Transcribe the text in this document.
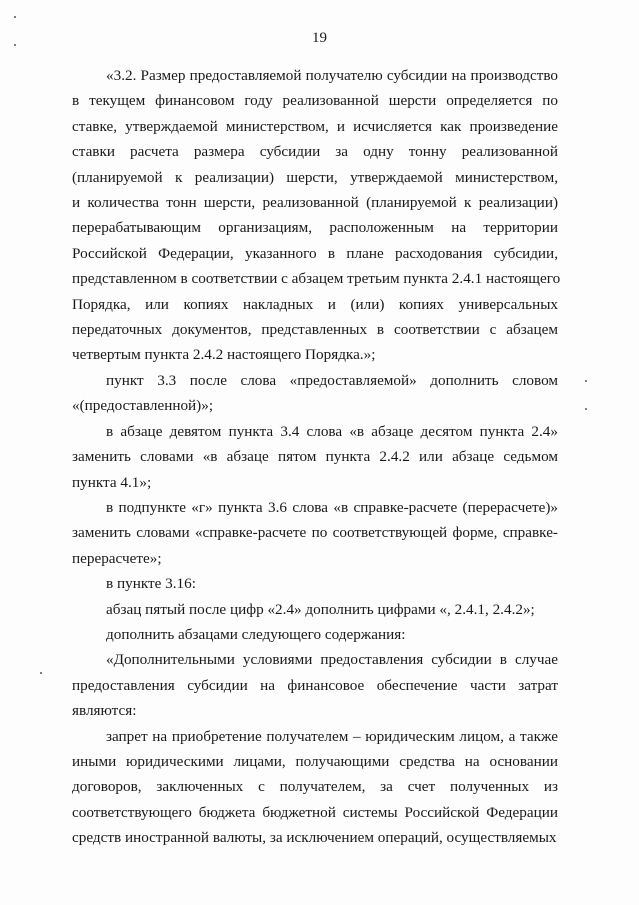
19
«3.2. Размер предоставляемой получателю субсидии на производство
в текущем финансовом году реализованной шерсти определяется по
ставке, утверждаемой министерством, и исчисляется как произведение
ставки расчета размера субсидии за одну тонну реализованной
(планируемой к реализации) шерсти, утверждаемой министерством,
и количества тонн шерсти, реализованной (планируемой к реализации)
перерабатывающим организациям, расположенным на территории
Российской Федерации, указанного в плане расходования субсидии,
представленном в соответствии с абзацем третьим пункта 2.4.1 настоящего
Порядка, или копиях накладных и (или) копиях универсальных
передаточных документов, представленных в соответствии с абзацем
четвертым пункта 2.4.2 настоящего Порядка.»;
пункт 3.3 после слова «предоставляемой» дополнить словом
«(предоставленной)»;
в абзаце девятом пункта 3.4 слова «в абзаце десятом пункта 2.4»
заменить словами «в абзаце пятом пункта 2.4.2 или абзаце седьмом
пункта 4.1»;
в подпункте «г» пункта 3.6 слова «в справке-расчете (перерасчете)»
заменить словами «справке-расчете по соответствующей форме, справке-
перерасчете»;
в пункте 3.16:
абзац пятый после цифр «2.4» дополнить цифрами «, 2.4.1, 2.4.2»;
дополнить абзацами следующего содержания:
«Дополнительными условиями предоставления субсидии в случае
предоставления субсидии на финансовое обеспечение части затрат
являются:
запрет на приобретение получателем – юридическим лицом, а также
иными юридическими лицами, получающими средства на основании
договоров, заключенных с получателем, за счет полученных из
соответствующего бюджета бюджетной системы Российской Федерации
средств иностранной валюты, за исключением операций, осуществляемых
